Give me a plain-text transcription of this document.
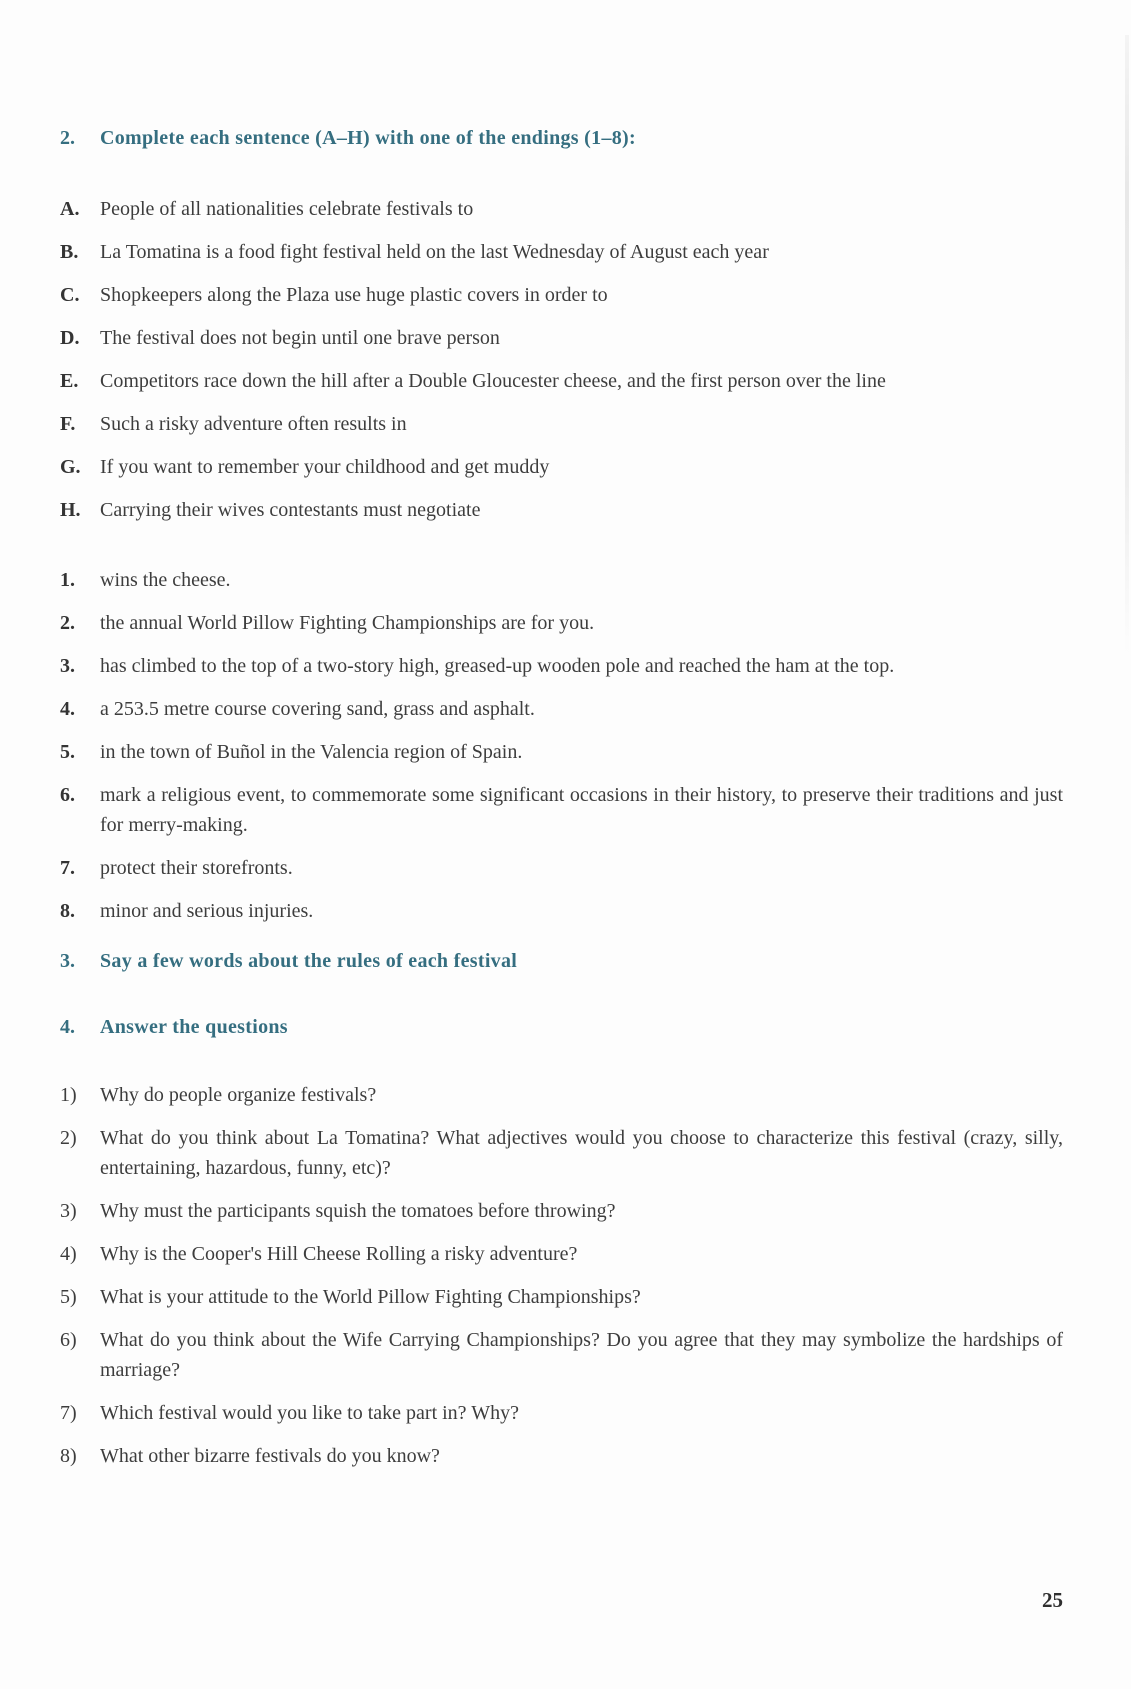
2.	Complete each sentence (A–H) with one of the endings (1–8):
A.	People of all nationalities celebrate festivals to
B.	La Tomatina is a food fight festival held on the last Wednesday of August each year
C.	Shopkeepers along the Plaza use huge plastic covers in order to
D.	The festival does not begin until one brave person
E.	Competitors race down the hill after a Double Gloucester cheese, and the first person over the line
F.	Such a risky adventure often results in
G. If you want to remember your childhood and get muddy
H. Carrying their wives contestants must negotiate
1.	wins the cheese.
2.	the annual World Pillow Fighting Championships are for you.
3.	has climbed to the top of a two-story high, greased-up wooden pole and reached the ham at the top.
4.	a 253.5 metre course covering sand, grass and asphalt.
5.	in the town of Buñol in the Valencia region of Spain.
6.	mark a religious event, to commemorate some significant occasions in their history, to preserve their traditions and just for merry-making.
7.	protect their storefronts.
8.	minor and serious injuries.
3.	Say a few words about the rules of each festival
4.	Answer the questions
1)	Why do people organize festivals?
2)	What do you think about La Tomatina? What adjectives would you choose to characterize this festival (crazy, silly, entertaining, hazardous, funny, etc)?
3)	Why must the participants squish the tomatoes before throwing?
4)	Why is the Cooper's Hill Cheese Rolling a risky adventure?
5)	What is your attitude to the World Pillow Fighting Championships?
6)	What do you think about the Wife Carrying Championships? Do you agree that they may symbolize the hardships of marriage?
7)	Which festival would you like to take part in? Why?
8)	What other bizarre festivals do you know?
25
